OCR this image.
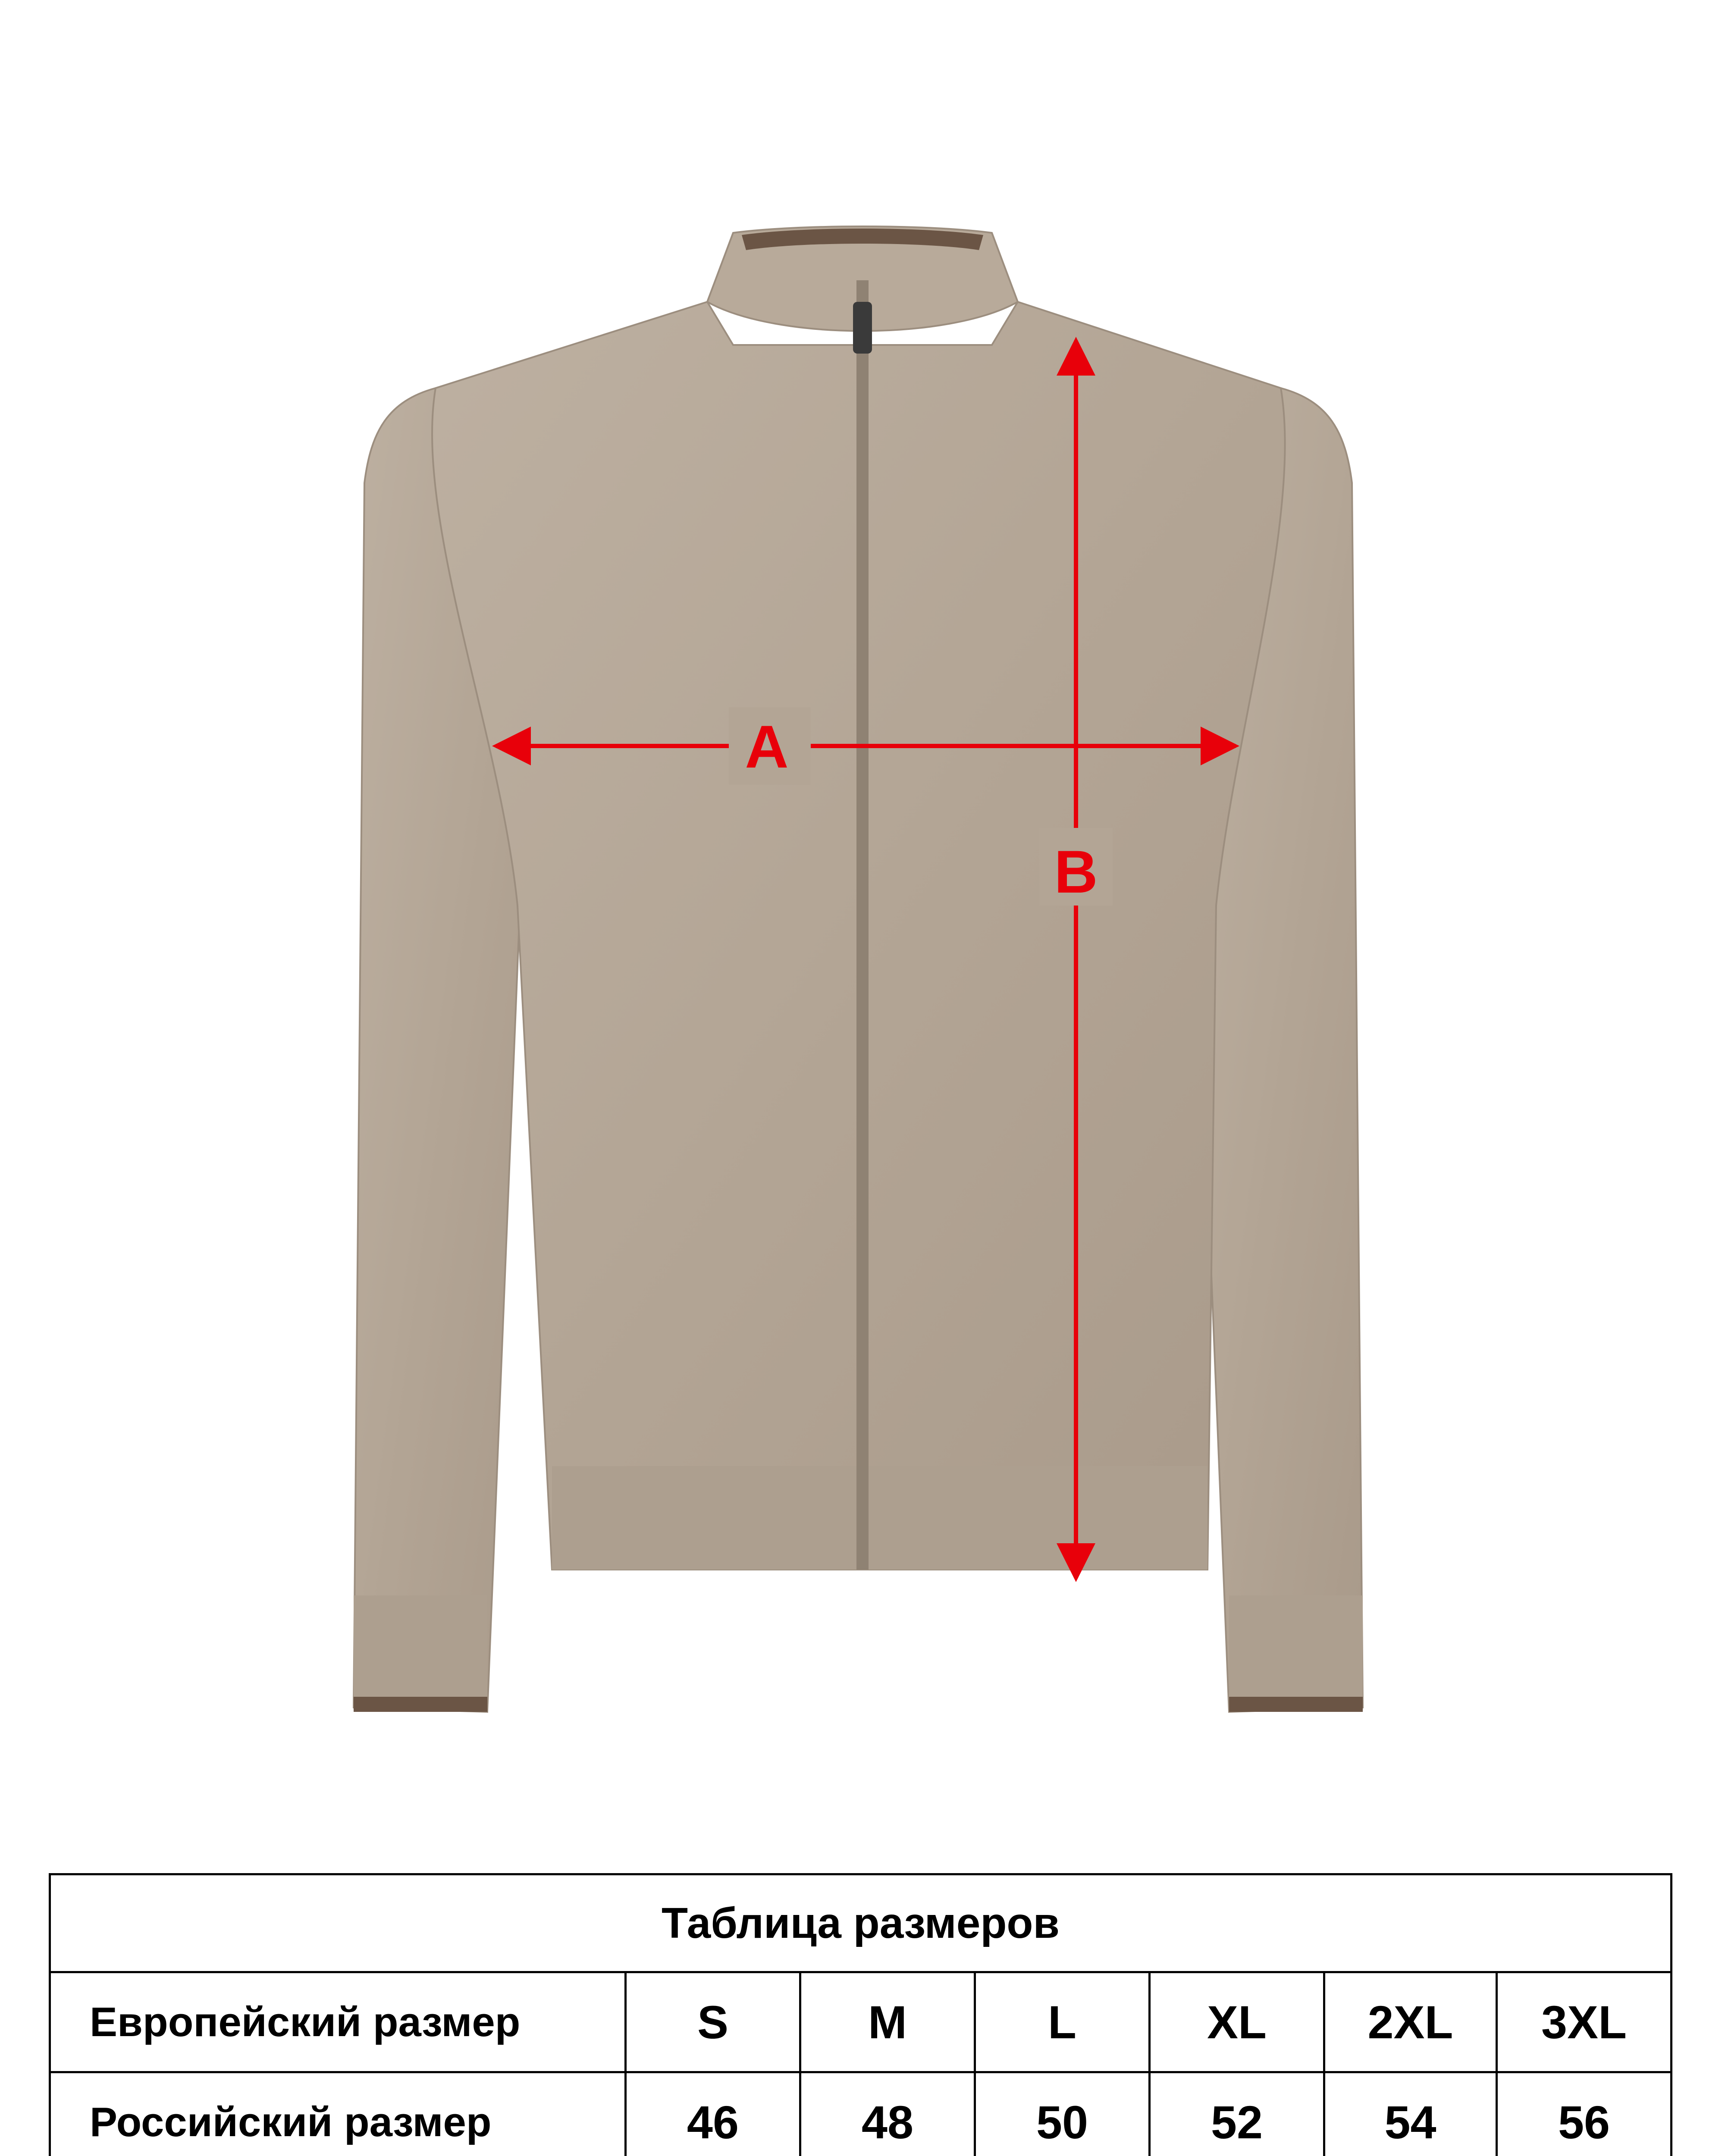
A
B
Таблица размеров						
Европейский размер	S	M	L	XL	2XL	3XL
Российский размер	46	48	50	52	54	56
